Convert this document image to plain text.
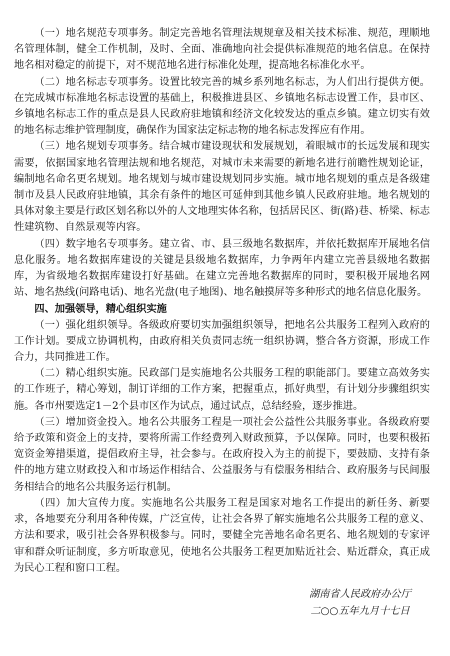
（一）地名规范专项事务。制定完善地名管理法规规章及相关技术标准、规范，理顺地名管理体制，健全工作机制，及时、全面、准确地向社会提供标准规范的地名信息。在保持地名相对稳定的前提下，对不规范地名进行标准化处理，提高地名标准化水平。

（二）地名标志专项事务。设置比较完善的城乡系列地名标志，为人们出行提供方便。在完成城市标准地名标志设置的基础上，积极推进县区、乡镇地名标志设置工作，县市区、乡镇地名标志工作的重点是县人民政府驻地镇和经济文化较发达的重点乡镇。建立切实有效的地名标志维护管理制度，确保作为国家法定标志物的地名标志发挥应有作用。

（三）地名规划专项事务。结合城市建设现状和发展规划，着眼城市的长远发展和现实需要，依据国家地名管理法规和地名规范，对城市未来需要的新地名进行前瞻性规划论证，编制地名命名更名规划。地名规划与城市建设规划同步实施。城市地名规划的重点是各级建制市及县人民政府驻地镇，其余有条件的地区可延伸到其他乡镇人民政府驻地。地名规划的具体对象主要是行政区划名称以外的人文地理实体名称，包括居民区、街(路)巷、桥梁、标志性建筑物、自然景观等内容。

（四）数字地名专项事务。建立省、市、县三级地名数据库，并依托数据库开展地名信息化服务。地名数据库建设的关键是县级地名数据库，力争两年内建立完善县级地名数据库，为省级地名数据库建设打好基础。在建立完善地名数据库的同时，要积极开展地名网站、地名热线(问路电话)、地名光盘(电子地图)、地名触摸屏等多种形式的地名信息化服务。

四、加强领导，精心组织实施

（一）强化组织领导。各级政府要切实加强组织领导，把地名公共服务工程列入政府的工作计划。要成立协调机构，由政府相关负责同志统一组织协调，整合各方资源，形成工作合力，共同推进工作。

（二）精心组织实施。民政部门是实施地名公共服务工程的职能部门。要建立高效务实的工作班子，精心筹划，制订详细的工作方案，把握重点，抓好典型，有计划分步骤组织实施。各市州要选定1－2个县市区作为试点，通过试点，总结经验，逐步推进。

（三）增加资金投入。地名公共服务工程是一项社会公益性公共服务事业。各级政府要给予政策和资金上的支持，要将所需工作经费列入财政预算，予以保障。同时，也要积极拓宽资金筹措渠道，提倡政府主导，社会参与。在政府投入为主的前提下，要鼓励、支持有条件的地方建立财政投入和市场运作相结合、公益服务与有偿服务相结合、政府服务与民间服务相结合的地名公共服务运行机制。

（四）加大宣传力度。实施地名公共服务工程是国家对地名工作提出的新任务、新要求，各地要充分利用各种传媒，广泛宣传，让社会各界了解实施地名公共服务工程的意义、方法和要求，吸引社会各界积极参与。同时，要健全完善地名命名更名、地名规划的专家评审和群众听证制度，多方听取意见，使地名公共服务工程更加贴近社会、贴近群众，真正成为民心工程和窗口工程。

湖南省人民政府办公厅
二○○五年九月十七日
